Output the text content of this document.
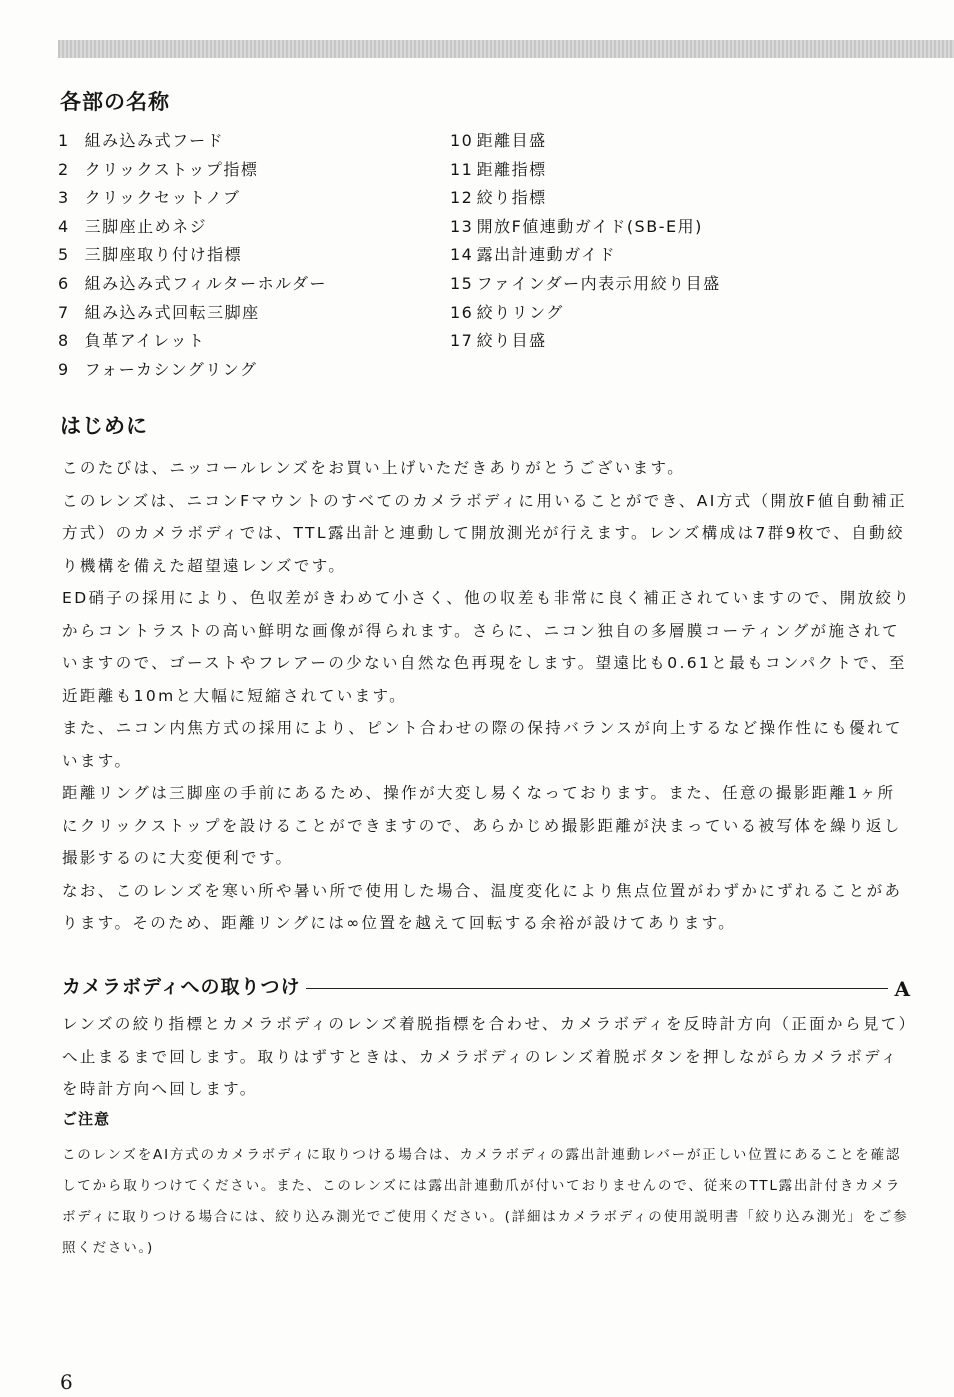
各部の名称
1 組み込み式フード
2 クリックストップ指標
3 クリックセットノブ
4 三脚座止めネジ
5 三脚座取り付け指標
6 組み込み式フィルターホルダー
7 組み込み式回転三脚座
8 負革アイレット
9 フォーカシングリング
10 距離目盛
11 距離指標
12 絞り指標
13 開放F値連動ガイド(SB-E用)
14 露出計連動ガイド
15 ファインダー内表示用絞り目盛
16 絞りリング
17 絞り目盛
はじめに

このたびは、ニッコールレンズをお買い上げいただきありがとうございます。

このレンズは、ニコンFマウントのすべてのカメラボディに用いることができ、AI方式（開放F値自動補正方式）のカメラボディでは、TTL露出計と連動して開放測光が行えます。レンズ構成は7群9枚で、自動絞り機構を備えた超望遠レンズです。

ED硝子の採用により、色収差がきわめて小さく、他の収差も非常に良く補正されていますので、開放絞りからコントラストの高い鮮明な画像が得られます。さらに、ニコン独自の多層膜コーティングが施されていますので、ゴーストやフレアーの少ない自然な色再現をします。望遠比も0.61と最もコンパクトで、至近距離も10mと大幅に短縮されています。

また、ニコン内焦方式の採用により、ピント合わせの際の保持バランスが向上するなど操作性にも優れています。

距離リングは三脚座の手前にあるため、操作が大変し易くなっております。また、任意の撮影距離1ヶ所にクリックストップを設けることができますので、あらかじめ撮影距離が決まっている被写体を繰り返し撮影するのに大変便利です。

なお、このレンズを寒い所や暑い所で使用した場合、温度変化により焦点位置がわずかにずれることがあります。そのため、距離リングには∞位置を越えて回転する余裕が設けてあります。

カメラボディへの取りつけ	A

レンズの絞り指標とカメラボディのレンズ着脱指標を合わせ、カメラボディを反時計方向（正面から見て）へ止まるまで回します。取りはずすときは、カメラボディのレンズ着脱ボタンを押しながらカメラボディを時計方向へ回します。

ご注意

このレンズをAI方式のカメラボディに取りつける場合は、カメラボディの露出計連動レバーが正しい位置にあることを確認してから取りつけてください。また、このレンズには露出計連動爪が付いておりませんので、従来のTTL露出計付きカメラボディに取りつける場合には、絞り込み測光でご使用ください。(詳細はカメラボディの使用説明書「絞り込み測光」をご参照ください。)

6
